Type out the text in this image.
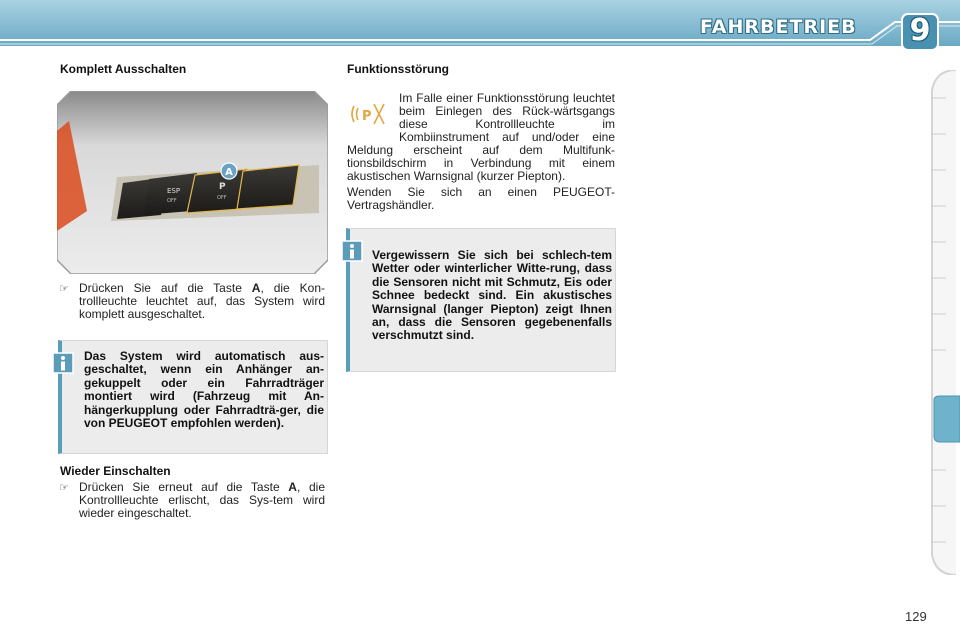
FAHRBETRIEB 9
Komplett Ausschalten
ESP
OFF
P
OFF
A
☞ Drücken Sie auf die Taste A, die Kon-trollleuchte leuchtet auf, das System wird komplett ausgeschaltet.
Das System wird automatisch aus-geschaltet, wenn ein Anhänger an-gekuppelt oder ein Fahrradträger montiert wird (Fahrzeug mit An-hängerkupplung oder Fahrradträ-ger, die von PEUGEOT empfohlen werden).
Wieder Einschalten
☞ Drücken Sie erneut auf die Taste A, die Kontrollleuchte erlischt, das Sys-tem wird wieder eingeschaltet.
Funktionsstörung
P
Im Falle einer Funktionsstörung leuchtet beim Einlegen des Rück-wärtsgangs diese Kontrollleuchte im Kombiinstrument auf und/oder eine Meldung erscheint auf dem Multifunk-tionsbildschirm in Verbindung mit einem akustischen Warnsignal (kurzer Piepton).
Wenden Sie sich an einen PEUGEOT-Vertragshändler.
Vergewissern Sie sich bei schlech-tem Wetter oder winterlicher Witte-rung, dass die Sensoren nicht mit Schmutz, Eis oder Schnee bedeckt sind. Ein akustisches Warnsignal (langer Piepton) zeigt Ihnen an, dass die Sensoren gegebenenfalls verschmutzt sind.
129
